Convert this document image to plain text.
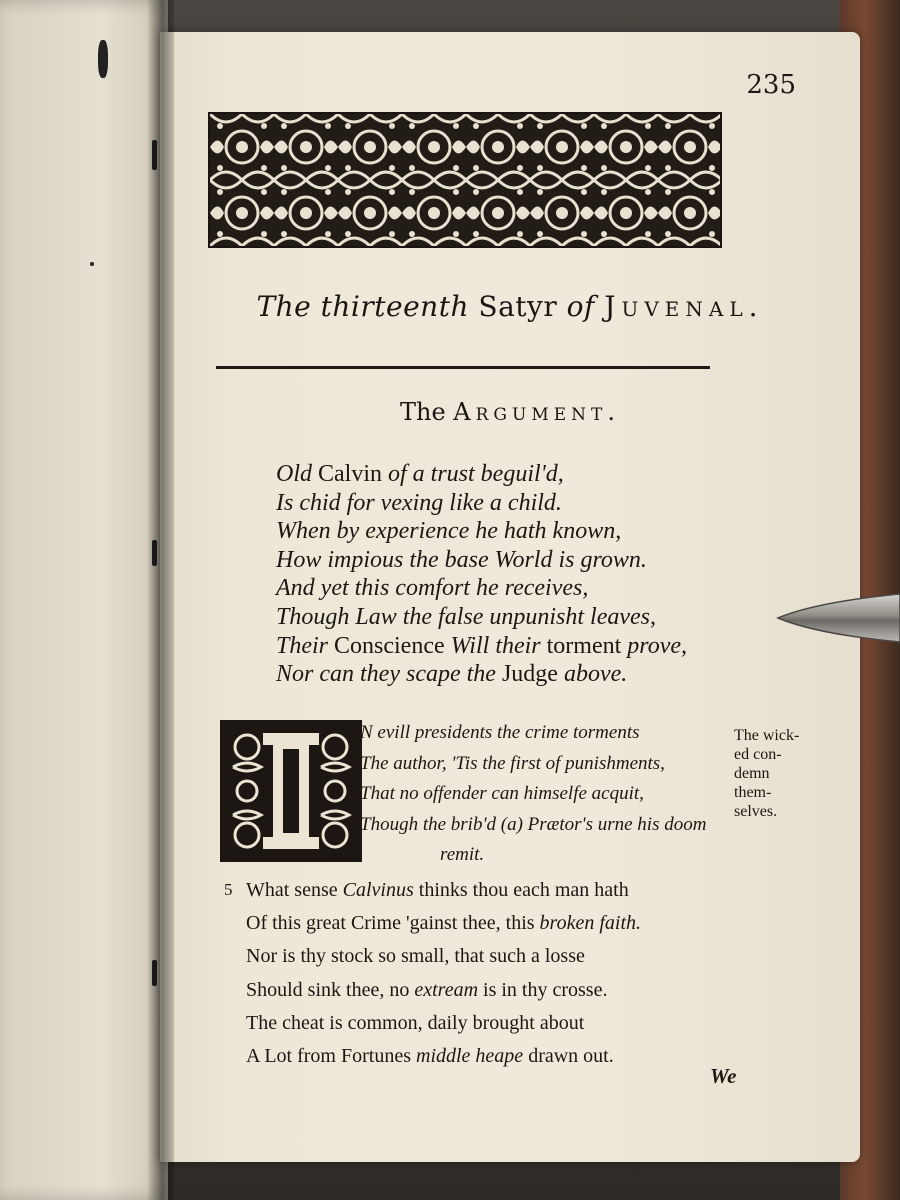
235
The thirteenth Satyr of Juvenal.
The Argument.
Old Calvin of a trust beguil'd,
Is chid for vexing like a child.
When by experience he hath known,
How impious the base World is grown.
And yet this comfort he receives,
Though Law the false unpunisht leaves,
Their Conscience Will their torment prove,
Nor can they scape the Judge above.
N evill presidents the crime torments
The author, 'Tis the first of punishments,
That no offender can himselfe acquit,
Though the brib'd (a) Prætor's urne his doom
remit.
The wick-
ed con-
demn
them-
selves.
5 What sense Calvinus thinks thou each man hath
Of this great Crime 'gainst thee, this broken faith.
Nor is thy stock so small, that such a losse
Should sink thee, no extream is in thy crosse.
The cheat is common, daily brought about
A Lot from Fortunes middle heape drawn out.
We
